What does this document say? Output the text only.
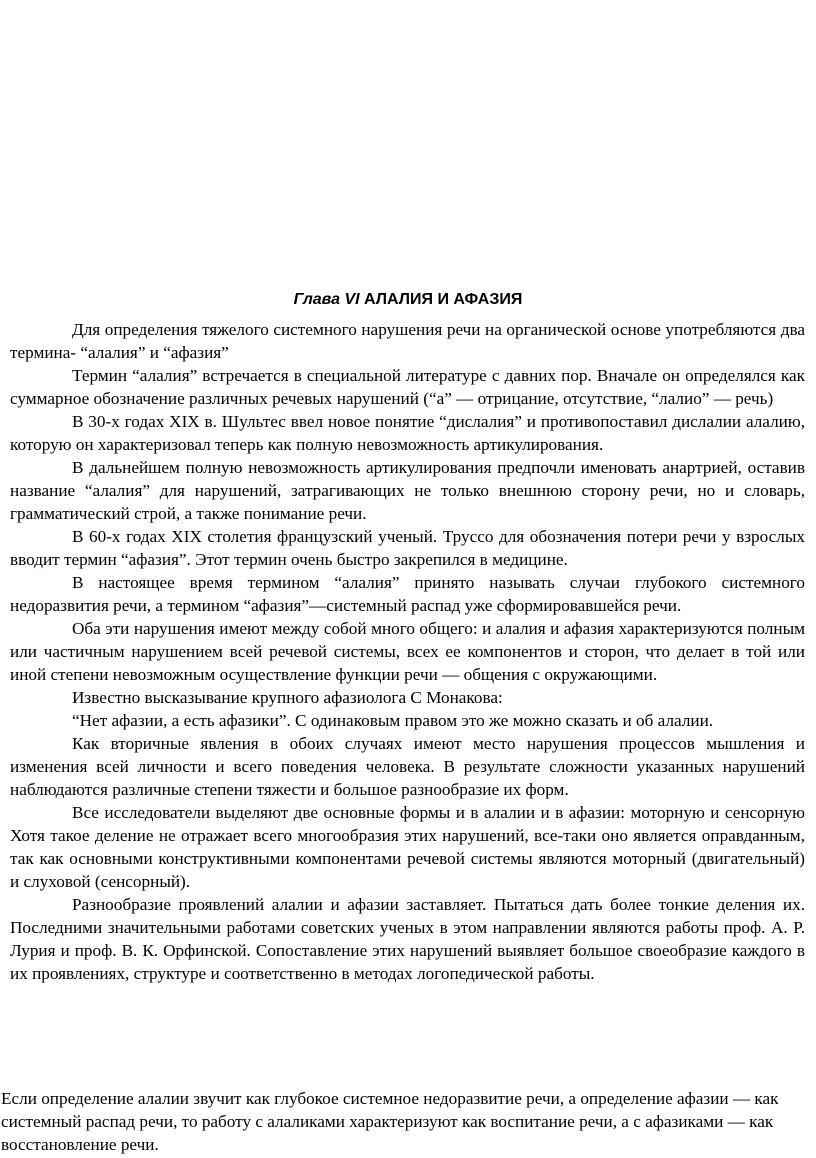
Глава VI АЛАЛИЯ И АФАЗИЯ

Для определения тяжелого системного нарушения речи на органической основе употребляются два термина- “алалия” и “афазия”

Термин “алалия” встречается в специальной литературе с давних пор. Вначале он определялся как суммарное обозначение различных речевых нарушений (“а” — отрицание, отсутствие, “лалио” — речь)

В 30-х годах XIX в. Шультес ввел новое понятие “дислалия” и противопоставил дислалии алалию, которую он характеризовал теперь как полную невозможность артикулирования.

В дальнейшем полную невозможность артикулирования предпочли именовать анартрией, оставив название “алалия” для нарушений, затрагивающих не только внешнюю сторону речи, но и словарь, грамматический строй, а также понимание речи.

В 60-х годах XIX столетия французский ученый. Труссо для обозначения потери речи у взрослых вводит термин “афазия”. Этот термин очень быстро закрепился в медицине.

В настоящее время термином “алалия” принято называть случаи глубокого системного недоразвития речи, а термином “афазия”—системный распад уже сформировавшейся речи.

Оба эти нарушения имеют между собой много общего: и алалия и афазия характеризуются полным или частичным нарушением всей речевой системы, всех ее компонентов и сторон, что делает в той или иной степени невозможным осуществление функции речи — общения с окружающими.

Известно высказывание крупного афазиолога С Монакова:

“Нет афазии, а есть афазики”. С одинаковым правом это же можно сказать и об алалии.

Как вторичные явления в обоих случаях имеют место нарушения процессов мышления и изменения всей личности и всего поведения человека. В результате сложности указанных нарушений наблюдаются различные степени тяжести и большое разнообразие их форм.

Все исследователи выделяют две основные формы и в алалии и в афазии: моторную и сенсорную Хотя такое деление не отражает всего многообразия этих нарушений, все-таки оно является оправданным, так как основными конструктивными компонентами речевой системы являются моторный (двигательный) и слуховой (сенсорный).

Разнообразие проявлений алалии и афазии заставляет. Пытаться дать более тонкие деления их. Последними значительными работами советских ученых в этом направлении являются работы проф. А. Р. Лурия и проф. В. К. Орфинской. Сопоставление этих нарушений выявляет большое своеобразие каждого в их проявлениях, структуре и соответственно в методах логопедической работы.

Если определение алалии звучит как глубокое системное недоразвитие речи, а определение афазии — как системный распад речи, то работу с алаликами характеризуют как воспитание речи, а с афазиками — как восстановление речи.
